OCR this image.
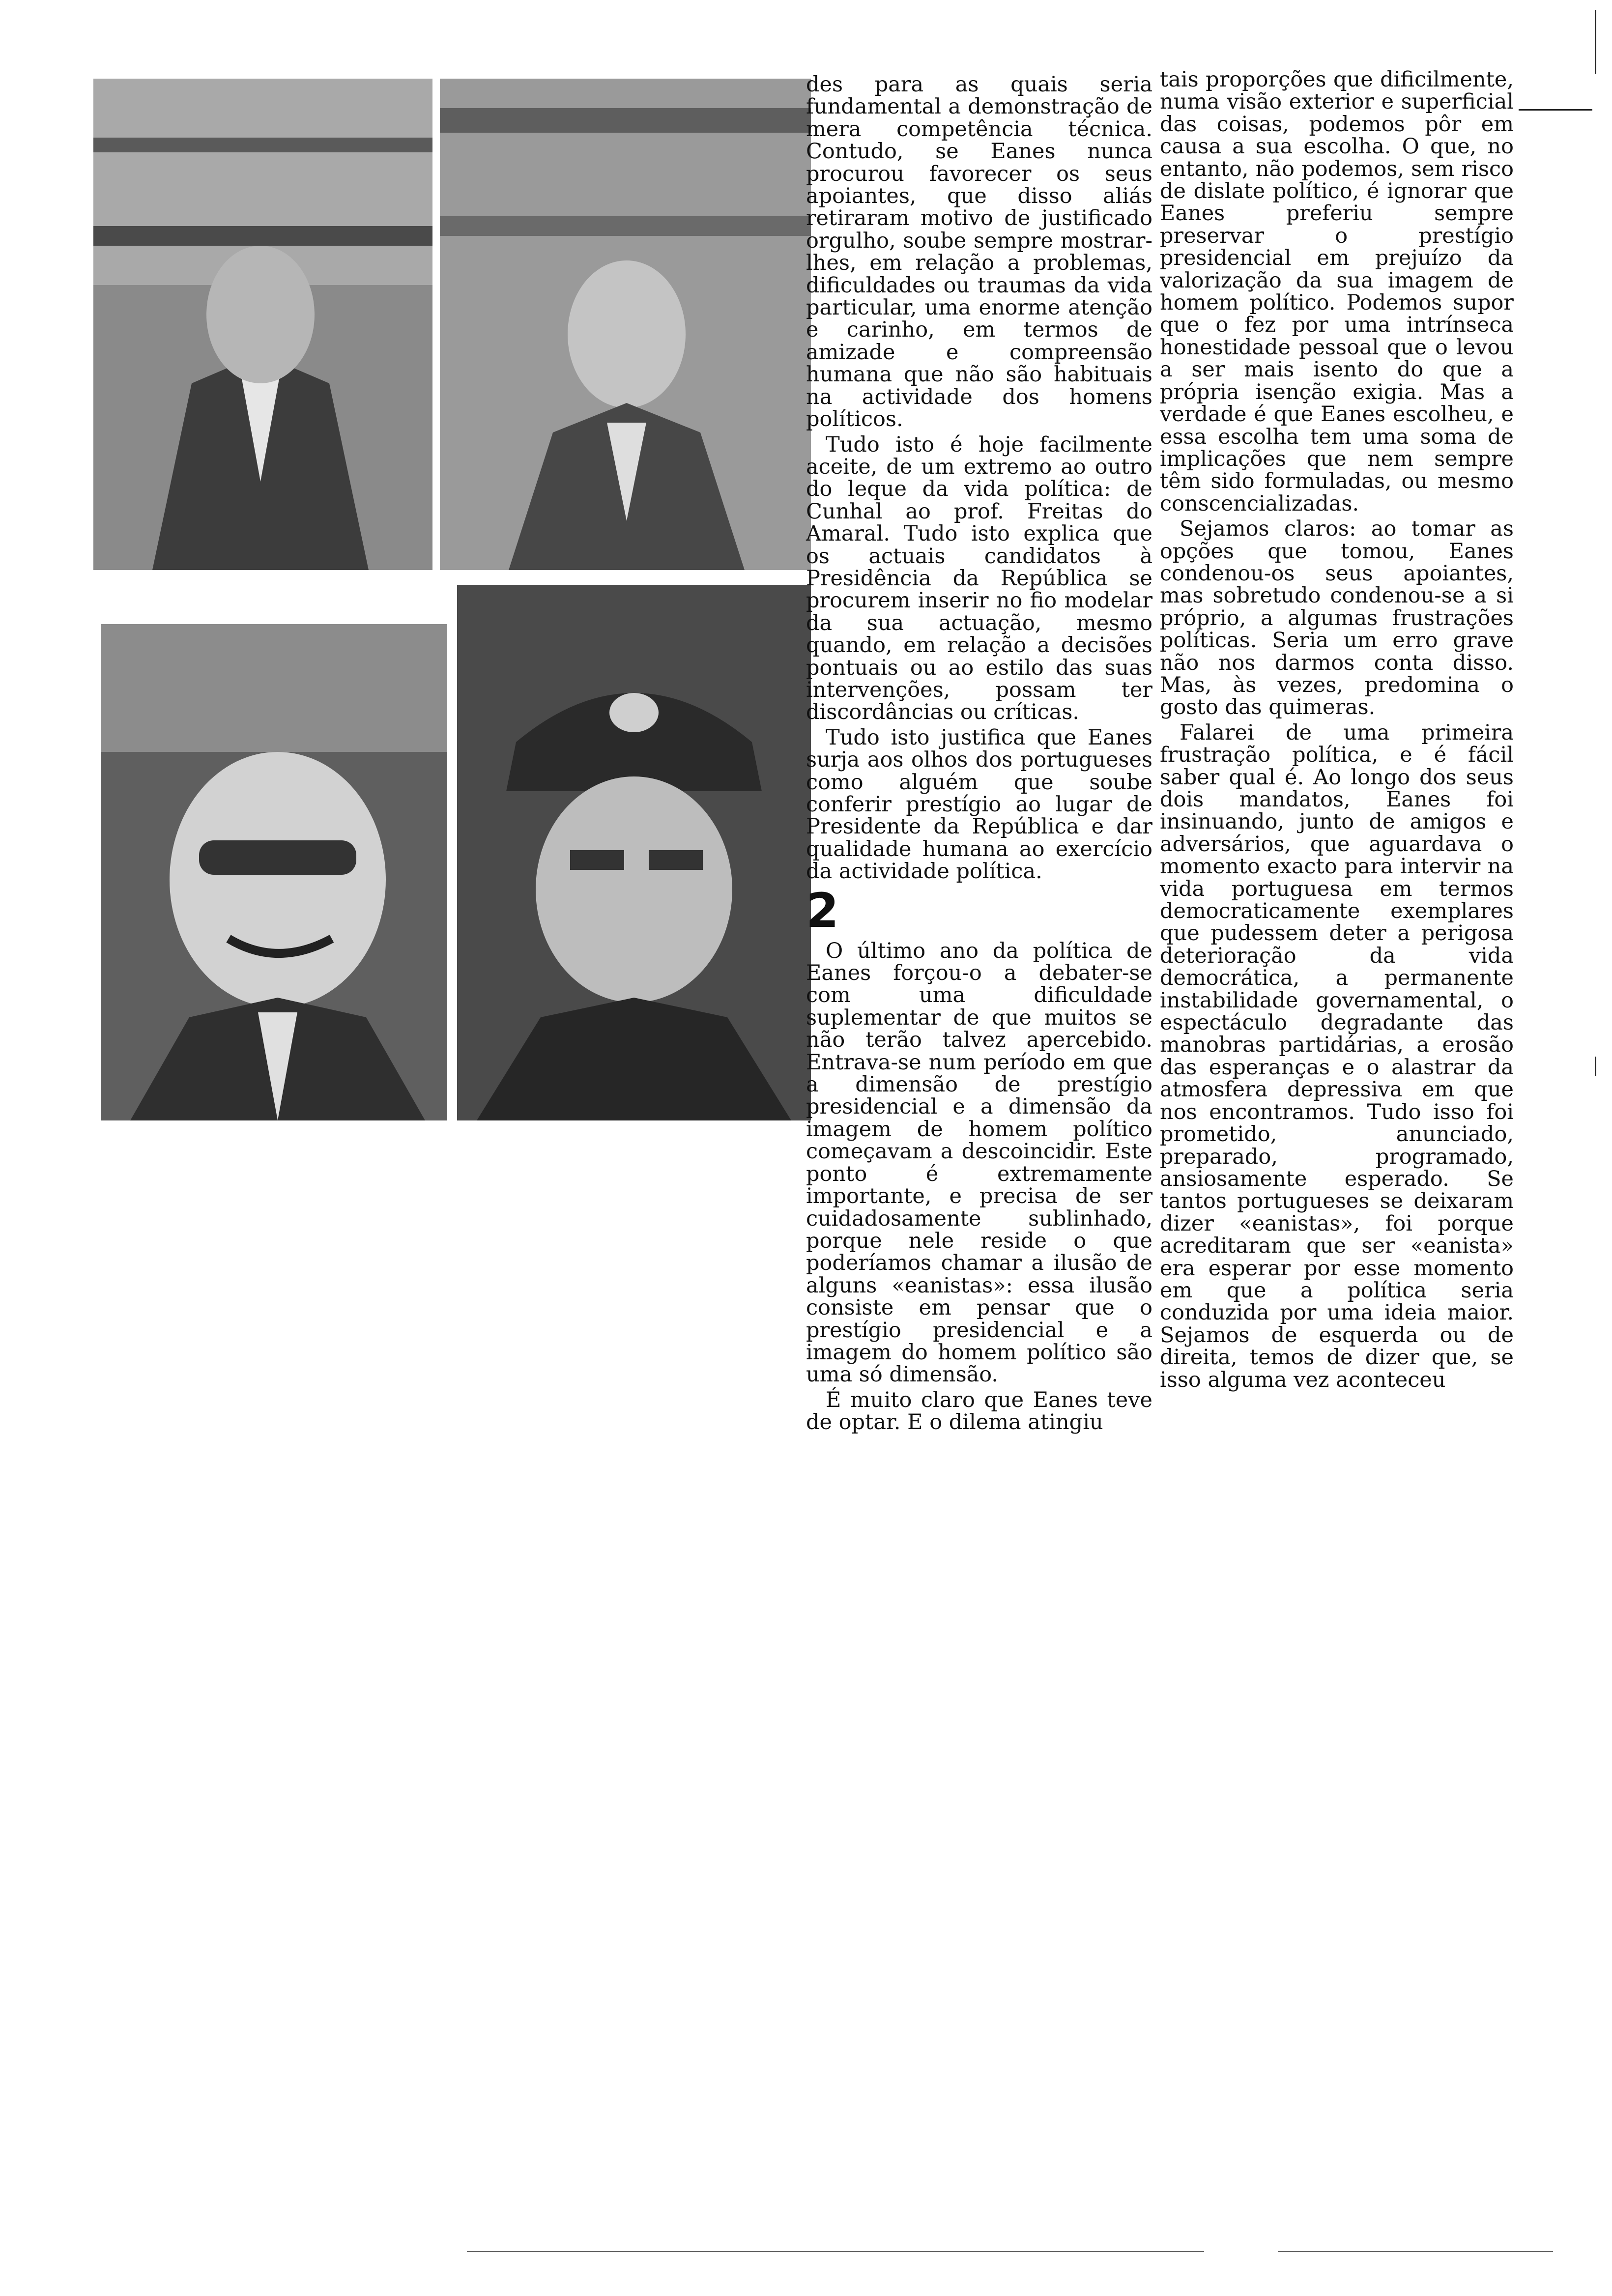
des para as quais seria fundamental a demonstração de mera competência técnica. Contudo, se Eanes nunca procurou favorecer os seus apoiantes, que disso aliás retiraram motivo de justificado orgulho, soube sempre mostrar-lhes, em relação a problemas, dificuldades ou traumas da vida particular, uma enorme atenção e carinho, em termos de amizade e compreensão humana que não são habituais na actividade dos homens políticos.

Tudo isto é hoje facilmente aceite, de um extremo ao outro do leque da vida política: de Cunhal ao prof. Freitas do Amaral. Tudo isto explica que os actuais candidatos à Presidência da República se procurem inserir no fio modelar da sua actuação, mesmo quando, em relação a decisões pontuais ou ao estilo das suas intervenções, possam ter discordâncias ou críticas.

Tudo isto justifica que Eanes surja aos olhos dos portugueses como alguém que soube conferir prestígio ao lugar de Presidente da República e dar qualidade humana ao exercício da actividade política.

2

O último ano da política de Eanes forçou-o a debater-se com uma dificuldade suplementar de que muitos se não terão talvez apercebido. Entrava-se num período em que a dimensão de prestígio presidencial e a dimensão da imagem de homem político começavam a descoincidir. Este ponto é extremamente importante, e precisa de ser cuidadosamente sublinhado, porque nele reside o que poderíamos chamar a ilusão de alguns «eanistas»: essa ilusão consiste em pensar que o prestígio presidencial e a imagem do homem político são uma só dimensão.

É muito claro que Eanes teve de optar. E o dilema atingiu

tais proporções que dificilmente, numa visão exterior e superficial das coisas, podemos pôr em causa a sua escolha. O que, no entanto, não podemos, sem risco de dislate político, é ignorar que Eanes preferiu sempre preservar o prestígio presidencial em prejuízo da valorização da sua imagem de homem político. Podemos supor que o fez por uma intrínseca honestidade pessoal que o levou a ser mais isento do que a própria isenção exigia. Mas a verdade é que Eanes escolheu, e essa escolha tem uma soma de implicações que nem sempre têm sido formuladas, ou mesmo conscencializadas.

Sejamos claros: ao tomar as opções que tomou, Eanes condenou-os seus apoiantes, mas sobretudo condenou-se a si próprio, a algumas frustrações políticas. Seria um erro grave não nos darmos conta disso. Mas, às vezes, predomina o gosto das quimeras.

Falarei de uma primeira frustração política, e é fácil saber qual é. Ao longo dos seus dois mandatos, Eanes foi insinuando, junto de amigos e adversários, que aguardava o momento exacto para intervir na vida portuguesa em termos democraticamente exemplares que pudessem deter a perigosa deterioração da vida democrática, a permanente instabilidade governamental, o espectáculo degradante das manobras partidárias, a erosão das esperanças e o alastrar da atmosfera depressiva em que nos encontramos. Tudo isso foi prometido, anunciado, preparado, programado, ansiosamente esperado. Se tantos portugueses se deixaram dizer «eanistas», foi porque acreditaram que ser «eanista» era esperar por esse momento em que a política seria conduzida por uma ideia maior. Sejamos de esquerda ou de direita, temos de dizer que, se isso alguma vez aconteceu
